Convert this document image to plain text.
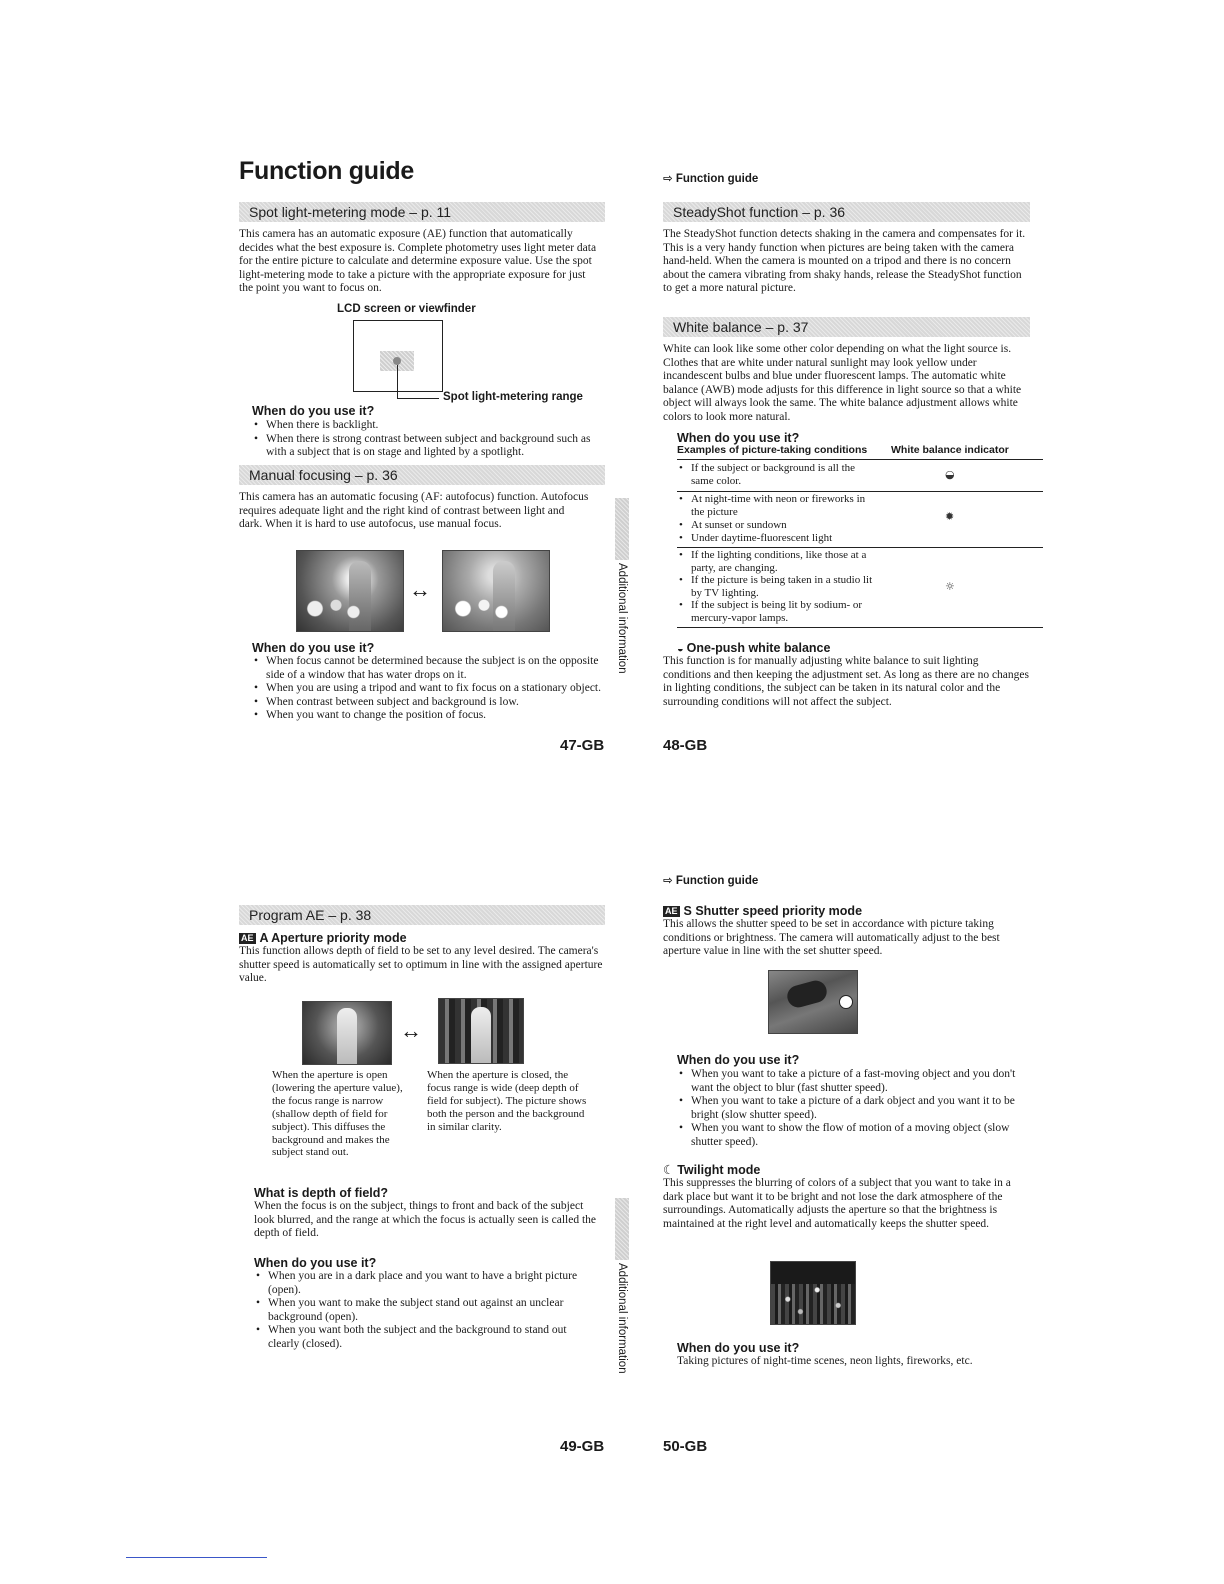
Function guide
Spot light-metering mode – p. 11
This camera has an automatic exposure (AE) function that automatically decides what the best exposure is. Complete photometry uses light meter data for the entire picture to calculate and determine exposure value. Use the spot light-metering mode to take a picture with the appropriate exposure for just the point you want to focus on.
LCD screen or viewfinder
Spot light-metering range
When do you use it?
• When there is backlight.
• When there is strong contrast between subject and background such as with a subject that is on stage and lighted by a spotlight.
Manual focusing – p. 36
This camera has an automatic focusing (AF: autofocus) function. Autofocus requires adequate light and the right kind of contrast between light and dark. When it is hard to use autofocus, use manual focus.
↔
When do you use it?
• When focus cannot be determined because the subject is on the opposite side of a window that has water drops on it.
• When you are using a tripod and want to fix focus on a stationary object.
• When contrast between subject and background is low.
• When you want to change the position of focus.
47-GB
Additional information
⇨ Function guide
SteadyShot function – p. 36
The SteadyShot function detects shaking in the camera and compensates for it. This is a very handy function when pictures are being taken with the camera hand-held. When the camera is mounted on a tripod and there is no concern about the camera vibrating from shaky hands, release the SteadyShot function to get a more natural picture.
White balance – p. 37
White can look like some other color depending on what the light source is. Clothes that are white under natural sunlight may look yellow under incandescent bulbs and blue under fluorescent lamps. The automatic white balance (AWB) mode adjusts for this difference in light source so that a white object will always look the same. The white balance adjustment allows white colors to look more natural.
When do you use it?
Examples of picture-taking conditions White balance indicator
• If the subject or background is all the same color.	◒
• At night-time with neon or fireworks in the picture
• At sunset or sundown
• Under daytime-fluorescent light
✹
• If the lighting conditions, like those at a party, are changing.
• If the picture is being taken in a studio lit by TV lighting.
• If the subject is being lit by sodium- or mercury-vapor lamps.
☼
◒ One-push white balance
This function is for manually adjusting white balance to suit lighting conditions and then keeping the adjustment set. As long as there are no changes in lighting conditions, the subject can be taken in its natural color and the surrounding conditions will not affect the subject.
48-GB
Program AE – p. 38
AE A Aperture priority mode
This function allows depth of field to be set to any level desired. The camera's shutter speed is automatically set to optimum in line with the assigned aperture value.
↔
When the aperture is open (lowering the aperture value), the focus range is narrow (shallow depth of field for subject). This diffuses the background and makes the subject stand out.
When the aperture is closed, the focus range is wide (deep depth of field for subject). The picture shows both the person and the background in similar clarity.
What is depth of field?
When the focus is on the subject, things to front and back of the subject look blurred, and the range at which the focus is actually seen is called the depth of field.
When do you use it?
• When you are in a dark place and you want to have a bright picture (open).
• When you want to make the subject stand out against an unclear background (open).
• When you want both the subject and the background to stand out clearly (closed).
49-GB
Additional information
⇨ Function guide
AE S Shutter speed priority mode
This allows the shutter speed to be set in accordance with picture taking conditions or brightness. The camera will automatically adjust to the best aperture value in line with the set shutter speed.
When do you use it?
• When you want to take a picture of a fast-moving object and you don't want the object to blur (fast shutter speed).
• When you want to take a picture of a dark object and you want it to be bright (slow shutter speed).
• When you want to show the flow of motion of a moving object (slow shutter speed).
☾ Twilight mode
This suppresses the blurring of colors of a subject that you want to take in a dark place but want it to be bright and not lose the dark atmosphere of the surroundings. Automatically adjusts the aperture so that the brightness is maintained at the right level and automatically keeps the shutter speed.
When do you use it?
Taking pictures of night-time scenes, neon lights, fireworks, etc.
50-GB
